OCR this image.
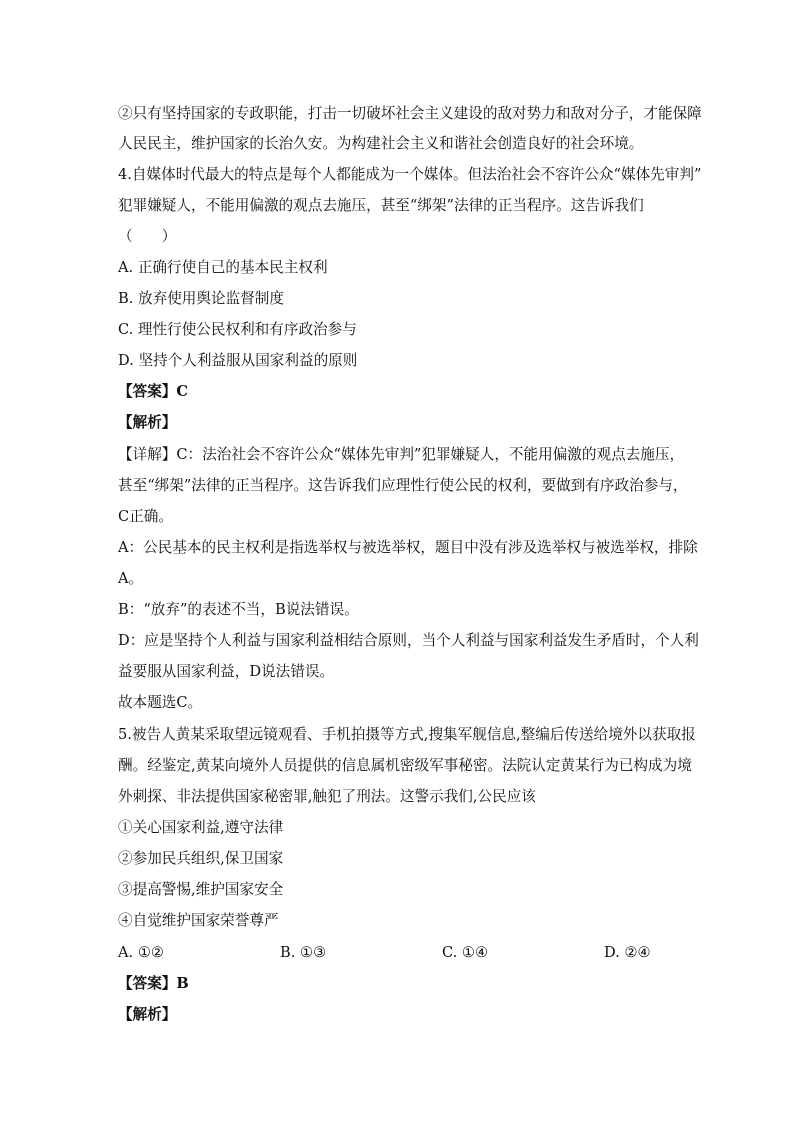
②只有坚持国家的专政职能，打击一切破坏社会主义建设的敌对势力和敌对分子，才能保障
人民民主，维护国家的长治久安。为构建社会主义和谐社会创造良好的社会环境。
4.自媒体时代最大的特点是每个人都能成为一个媒体。但法治社会不容许公众“媒体先审判”
犯罪嫌疑人，不能用偏激的观点去施压，甚至“绑架”法律的正当程序。这告诉我们
（　　）
A. 正确行使自己的基本民主权利
B. 放弃使用舆论监督制度
C. 理性行使公民权利和有序政治参与
D. 坚持个人利益服从国家利益的原则
【答案】C
【解析】
【详解】C：法治社会不容许公众“媒体先审判”犯罪嫌疑人，不能用偏激的观点去施压，
甚至“绑架”法律的正当程序。这告诉我们应理性行使公民的权利，要做到有序政治参与，
C正确。
A：公民基本的民主权利是指选举权与被选举权，题目中没有涉及选举权与被选举权，排除
A。
B：“放弃”的表述不当，B说法错误。
D：应是坚持个人利益与国家利益相结合原则，当个人利益与国家利益发生矛盾时，个人利
益要服从国家利益，D说法错误。
故本题选C。
5.被告人黄某采取望远镜观看、手机拍摄等方式,搜集军舰信息,整编后传送给境外以获取报
酬。经鉴定,黄某向境外人员提供的信息属机密级军事秘密。法院认定黄某行为已构成为境
外刺探、非法提供国家秘密罪,触犯了刑法。这警示我们,公民应该
①关心国家利益,遵守法律
②参加民兵组织,保卫国家
③提高警惕,维护国家安全
④自觉维护国家荣誉尊严
A. ①②	B. ①③	C. ①④	D. ②④
【答案】B
【解析】
